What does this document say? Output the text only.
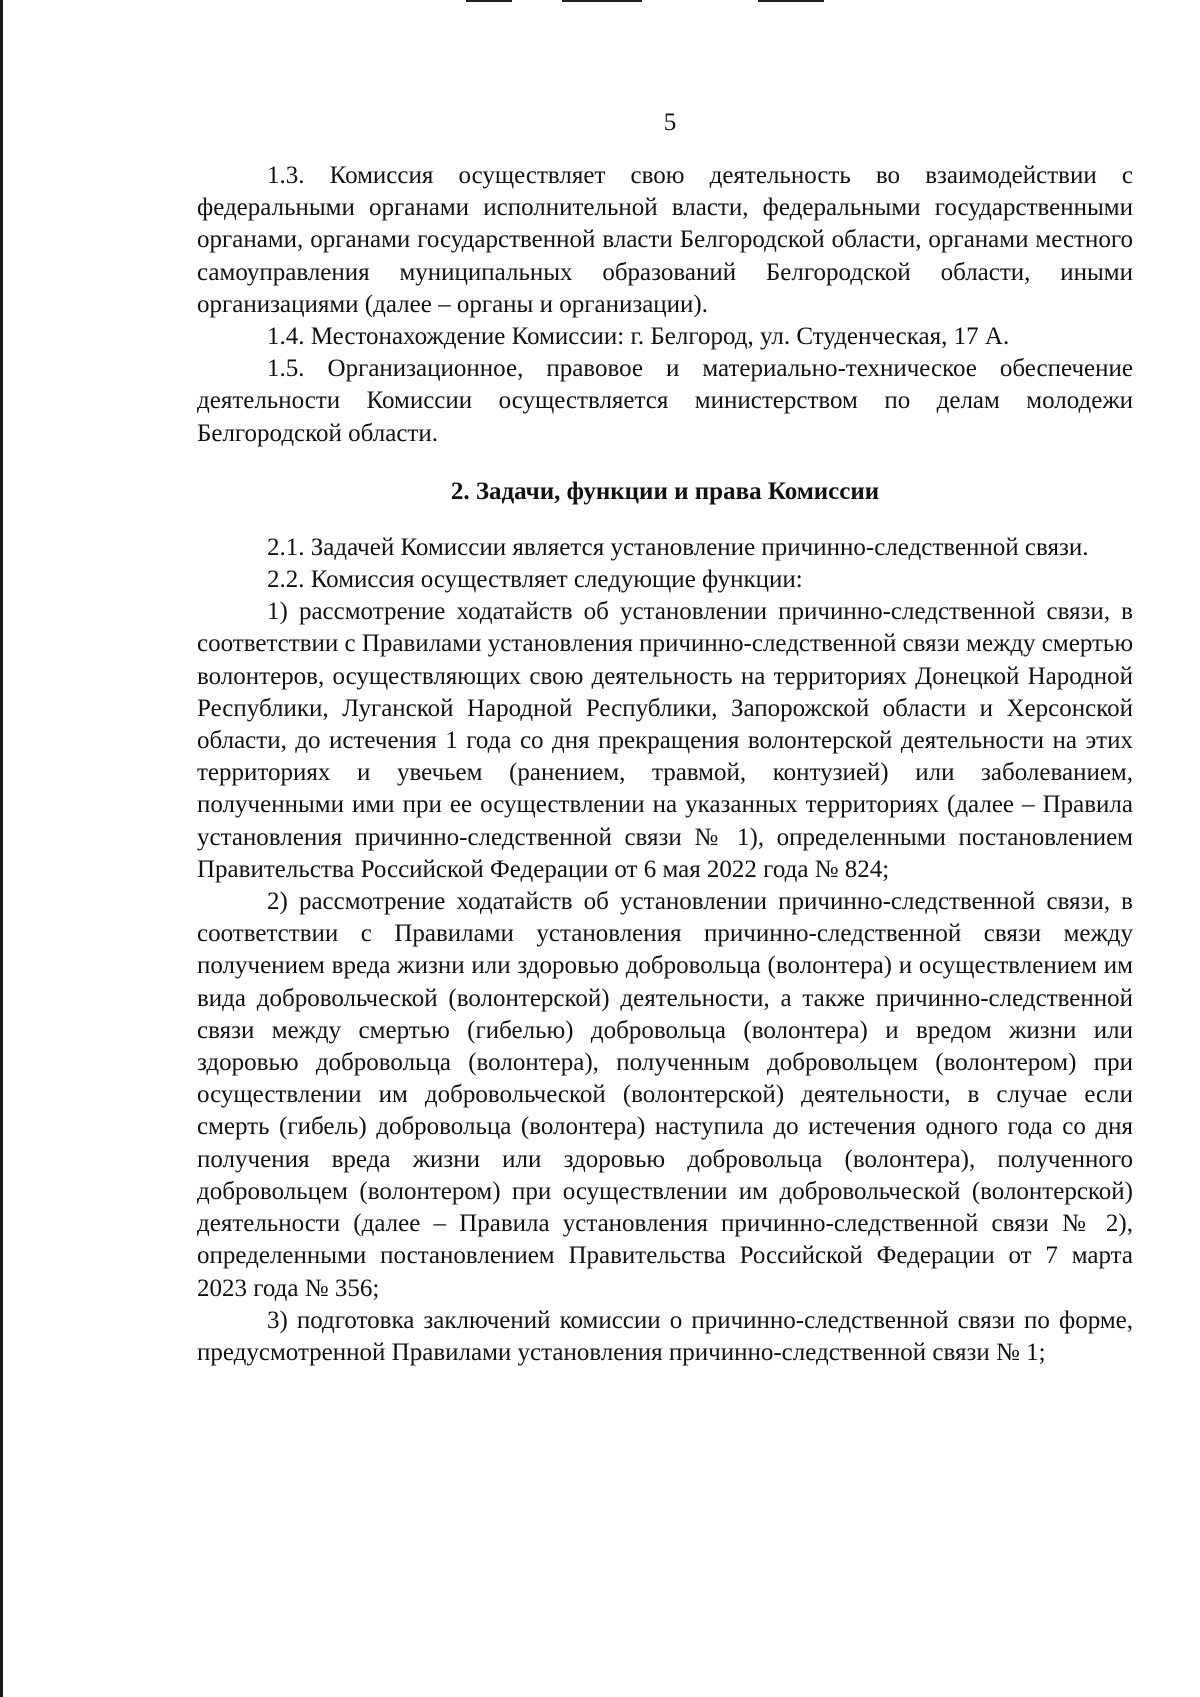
5

1.3. Комиссия осуществляет свою деятельность во взаимодействии с федеральными органами исполнительной власти, федеральными государственными органами, органами государственной власти Белгородской области, органами местного самоуправления муниципальных образований Белгородской области, иными организациями (далее – органы и организации).

1.4. Местонахождение Комиссии: г. Белгород, ул. Студенческая, 17 А.

1.5. Организационное, правовое и материально-техническое обеспечение деятельности Комиссии осуществляется министерством по делам молодежи Белгородской области.

2. Задачи, функции и права Комиссии

2.1. Задачей Комиссии является установление причинно-следственной связи.

2.2. Комиссия осуществляет следующие функции:

1) рассмотрение ходатайств об установлении причинно-следственной связи, в соответствии с Правилами установления причинно-следственной связи между смертью волонтеров, осуществляющих свою деятельность на территориях Донецкой Народной Республики, Луганской Народной Республики, Запорожской области и Херсонской области, до истечения 1 года со дня прекращения волонтерской деятельности на этих территориях и увечьем (ранением, травмой, контузией) или заболеванием, полученными ими при ее осуществлении на указанных территориях (далее – Правила установления причинно-следственной связи № 1), определенными постановлением Правительства Российской Федерации от 6 мая 2022 года № 824;

2) рассмотрение ходатайств об установлении причинно-следственной связи, в соответствии с Правилами установления причинно-следственной связи между получением вреда жизни или здоровью добровольца (волонтера) и осуществлением им вида добровольческой (волонтерской) деятельности, а также причинно-следственной связи между смертью (гибелью) добровольца (волонтера) и вредом жизни или здоровью добровольца (волонтера), полученным добровольцем (волонтером) при осуществлении им добровольческой (волонтерской) деятельности, в случае если смерть (гибель) добровольца (волонтера) наступила до истечения одного года со дня получения вреда жизни или здоровью добровольца (волонтера), полученного добровольцем (волонтером) при осуществлении им добровольческой (волонтерской) деятельности (далее – Правила установления причинно-следственной связи № 2), определенными постановлением Правительства Российской Федерации от 7 марта 2023 года № 356;

3) подготовка заключений комиссии о причинно-следственной связи по форме, предусмотренной Правилами установления причинно-следственной связи № 1;
